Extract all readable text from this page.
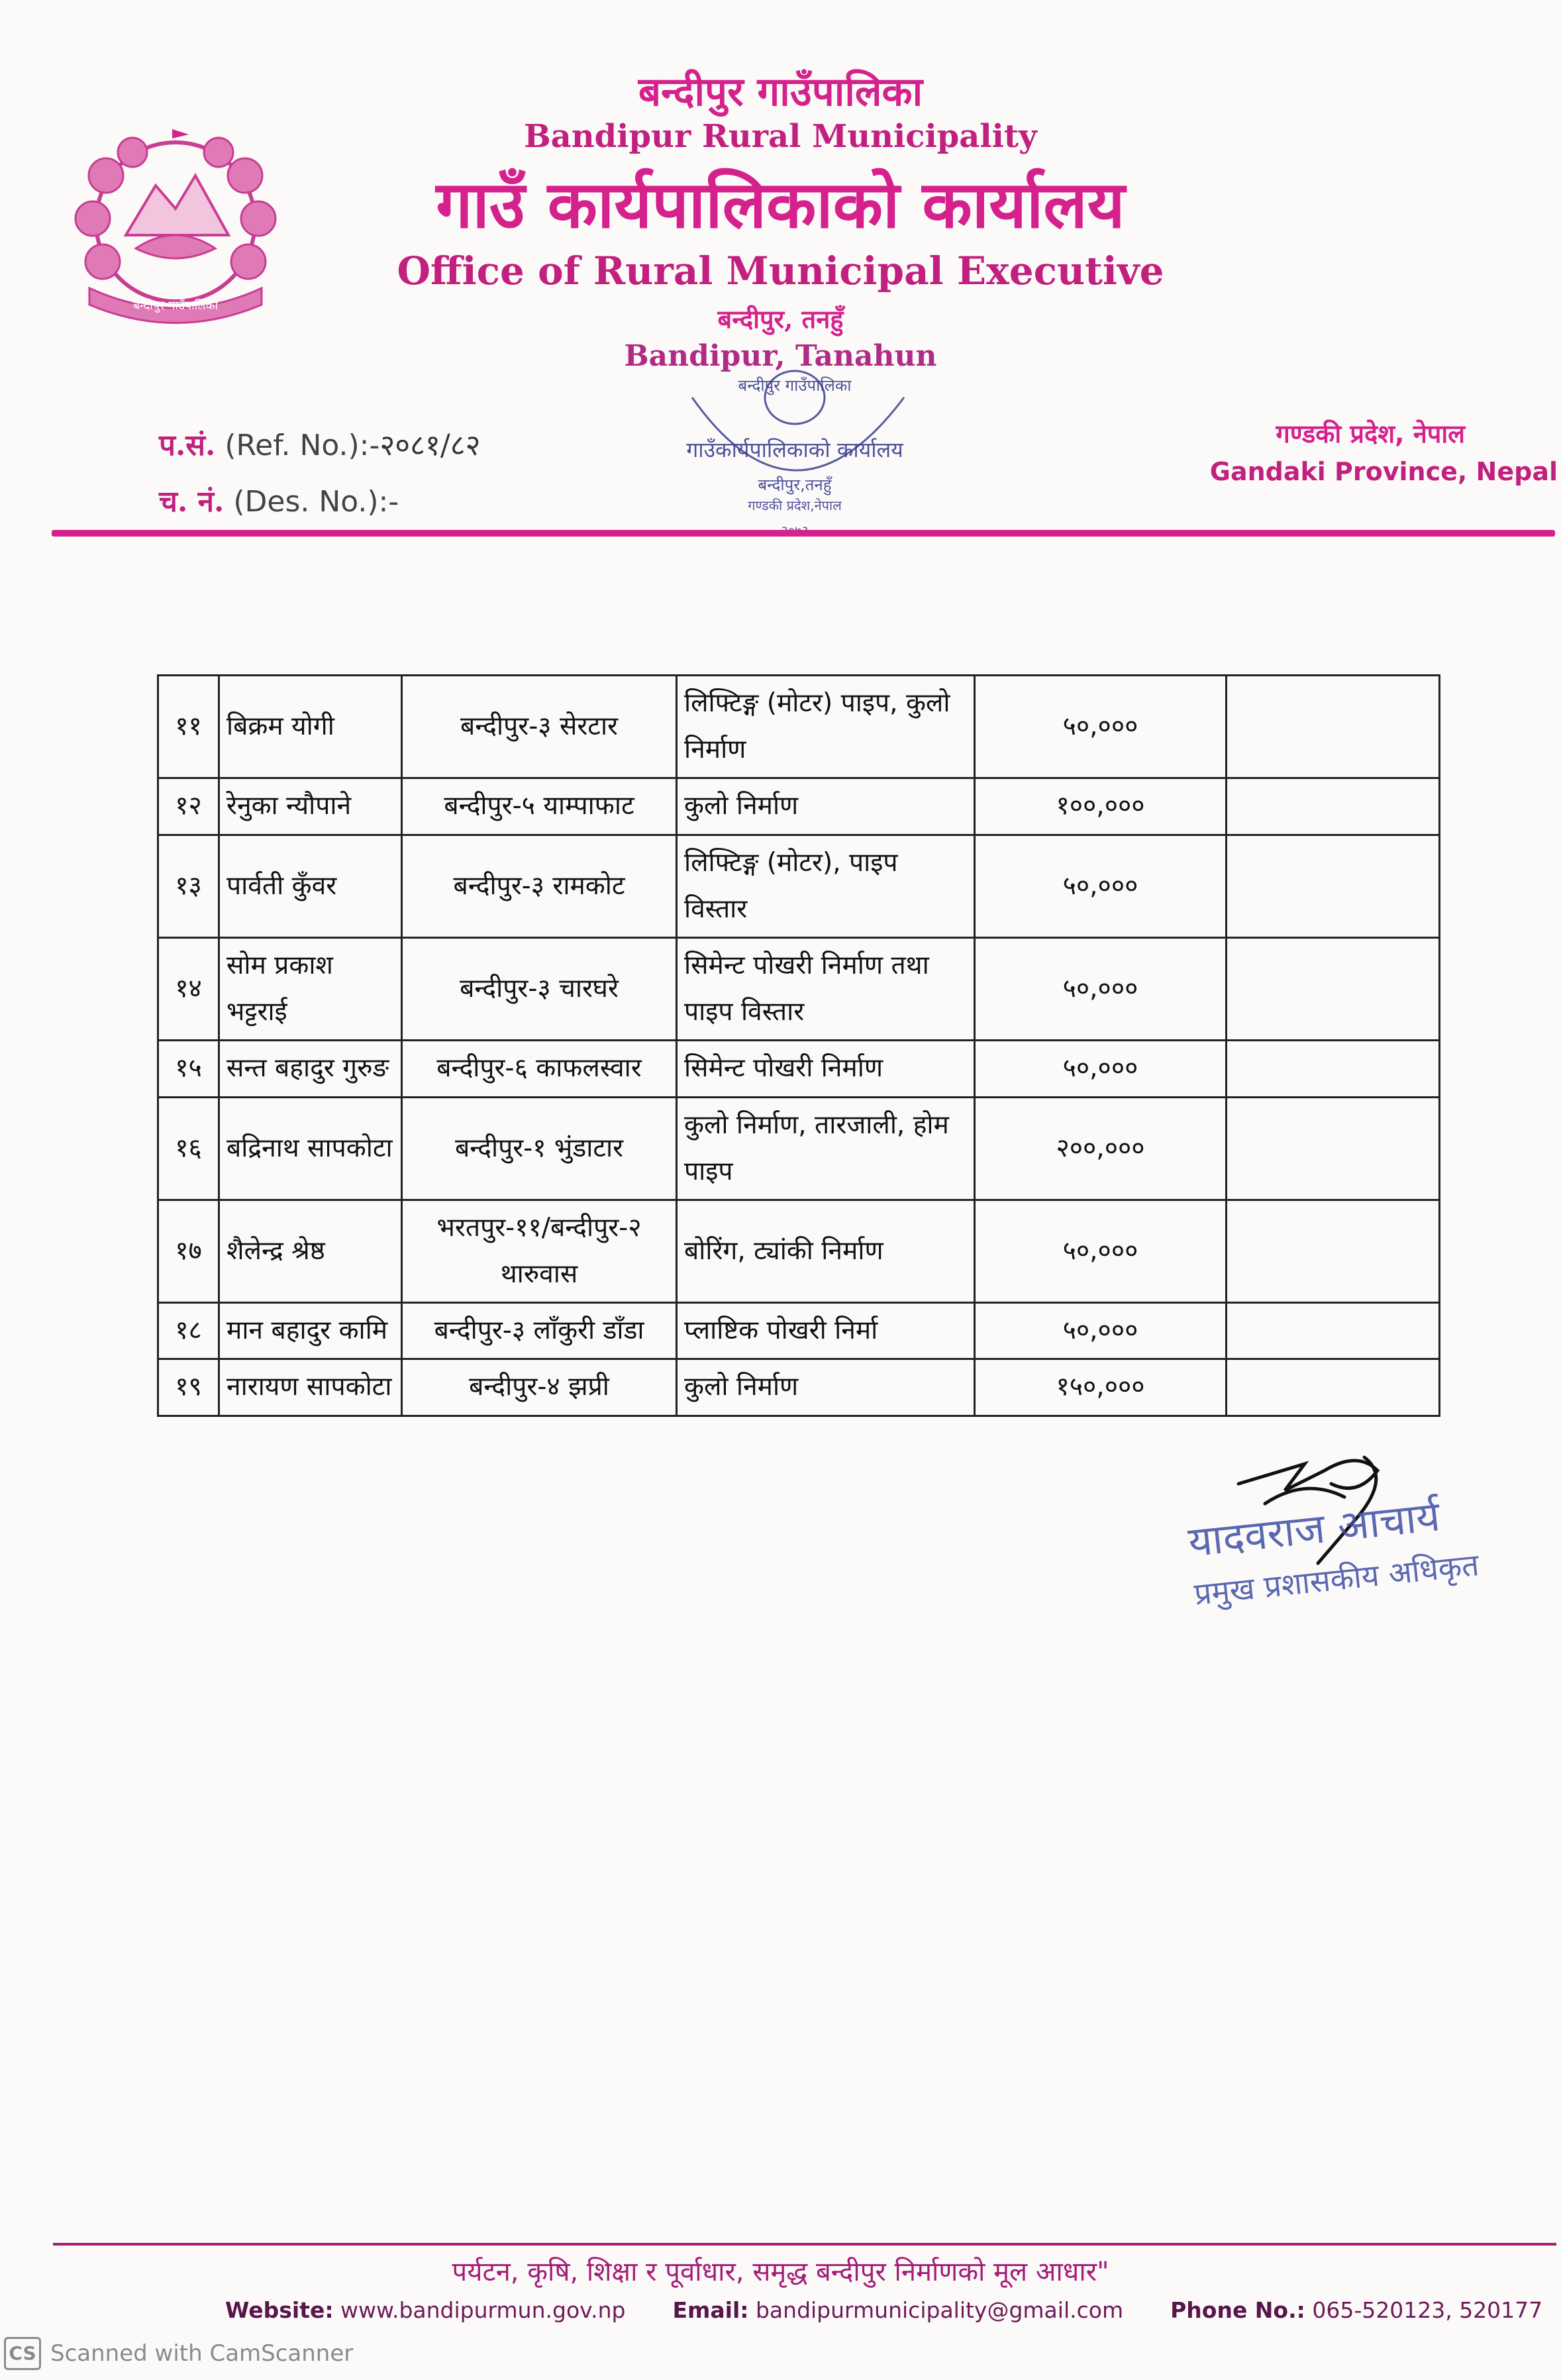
बन्दीपुर गाउँपालिका
बन्दीपुर गाउँपालिका
Bandipur Rural Municipality
गाउँ कार्यपालिकाको कार्यालय
Office of Rural Municipal Executive
बन्दीपुर, तनहुँ
Bandipur, Tanahun
बन्दीपुर गाउँपालिका
गाउँकार्यपालिकाको कार्यालय
बन्दीपुर,तनहुँ
गण्डकी प्रदेश,नेपाल
प.सं. (Ref. No.):-२०८१/८२
च. नं. (Des. No.):-
गण्डकी प्रदेश, नेपाल
Gandaki Province, Nepal
११	बिक्रम योगी	बन्दीपुर-३ सेरटार	लिफ्टिङ्ग (मोटर) पाइप, कुलो निर्माण	५०,०००	
१२	रेनुका न्यौपाने	बन्दीपुर-५ याम्पाफाट	कुलो निर्माण	१००,०००	
१३	पार्वती कुँवर	बन्दीपुर-३ रामकोट	लिफ्टिङ्ग (मोटर), पाइप विस्तार	५०,०००	
१४	सोम प्रकाश भट्टराई	बन्दीपुर-३ चारघरे	सिमेन्ट पोखरी निर्माण तथा पाइप विस्तार	५०,०००	
१५	सन्त बहादुर गुरुङ	बन्दीपुर-६ काफलस्वार	सिमेन्ट पोखरी निर्माण	५०,०००	
१६	बद्रिनाथ सापकोटा	बन्दीपुर-१ भुंडाटार	कुलो निर्माण, तारजाली, होम पाइप	२००,०००	
१७	शैलेन्द्र श्रेष्ठ	भरतपुर-११/बन्दीपुर-२ थारुवास	बोरिंग, ट्यांकी निर्माण	५०,०००	
१८	मान बहादुर कामि	बन्दीपुर-३ लाँकुरी डाँडा	प्लाष्टिक पोखरी निर्मा	५०,०००	
१९	नारायण सापकोटा	बन्दीपुर-४ झप्री	कुलो निर्माण	१५०,०००	
यादवराज आचार्य
प्रमुख प्रशासकीय अधिकृत
पर्यटन, कृषि, शिक्षा र पूर्वाधार, समृद्ध बन्दीपुर निर्माणको मूल आधार"
Website: www.bandipurmun.gov.np Email: bandipurmunicipality@gmail.com Phone No.: 065-520123, 520177
CS Scanned with CamScanner
